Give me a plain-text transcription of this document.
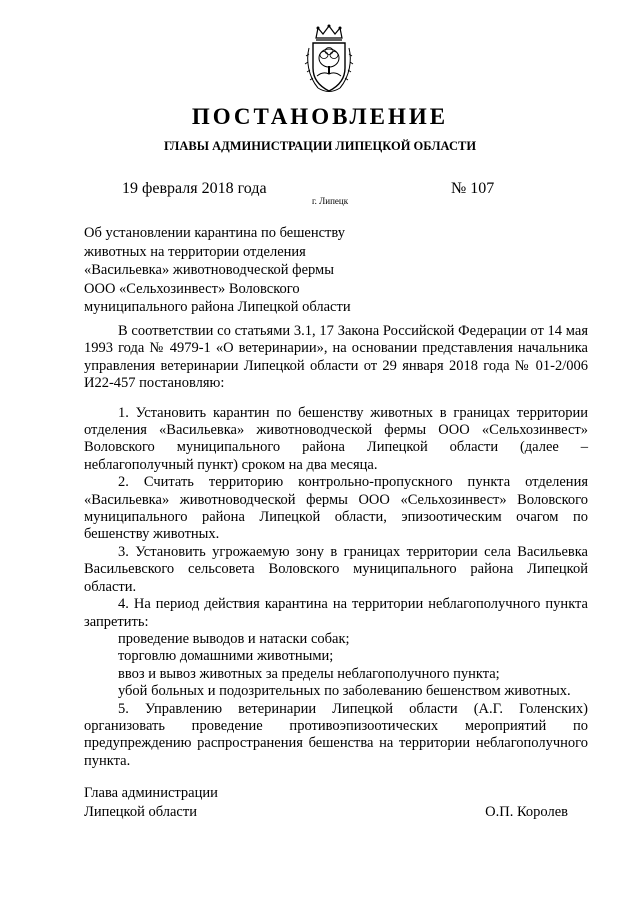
ПОСТАНОВЛЕНИЕ
ГЛАВЫ АДМИНИСТРАЦИИ ЛИПЕЦКОЙ ОБЛАСТИ
19 февраля 2018 года
г. Липецк
№ 107
Об установлении карантина по бешенству
животных на территории отделения
«Васильевка» животноводческой фермы
ООО «Сельхозинвест» Воловского
муниципального района Липецкой области

В соответствии со статьями 3.1, 17 Закона Российской Федерации от 14 мая 1993 года № 4979-1 «О ветеринарии», на основании представления начальника управления ветеринарии Липецкой области от 29 января 2018 года № 01-2/006 И22-457 постановляю:

1. Установить карантин по бешенству животных в границах территории отделения «Васильевка» животноводческой фермы ООО «Сельхозинвест» Воловского муниципального района Липецкой области (далее – неблагополучный пункт) сроком на два месяца.

2. Считать территорию контрольно-пропускного пункта отделения «Васильевка» животноводческой фермы ООО «Сельхозинвест» Воловского муниципального района Липецкой области, эпизоотическим очагом по бешенству животных.

3. Установить угрожаемую зону в границах территории села Васильевка Васильевского сельсовета Воловского муниципального района Липецкой области.

4. На период действия карантина на территории неблагополучного пункта запретить:

проведение выводов и натаски собак;

торговлю домашними животными;

ввоз и вывоз животных за пределы неблагополучного пункта;

убой больных и подозрительных по заболеванию бешенством животных.

5. Управлению ветеринарии Липецкой области (А.Г. Голенских) организовать проведение противоэпизоотических мероприятий по предупреждению распространения бешенства на территории неблагополучного пункта.

Глава администрации
Липецкой области	О.П. Королев
